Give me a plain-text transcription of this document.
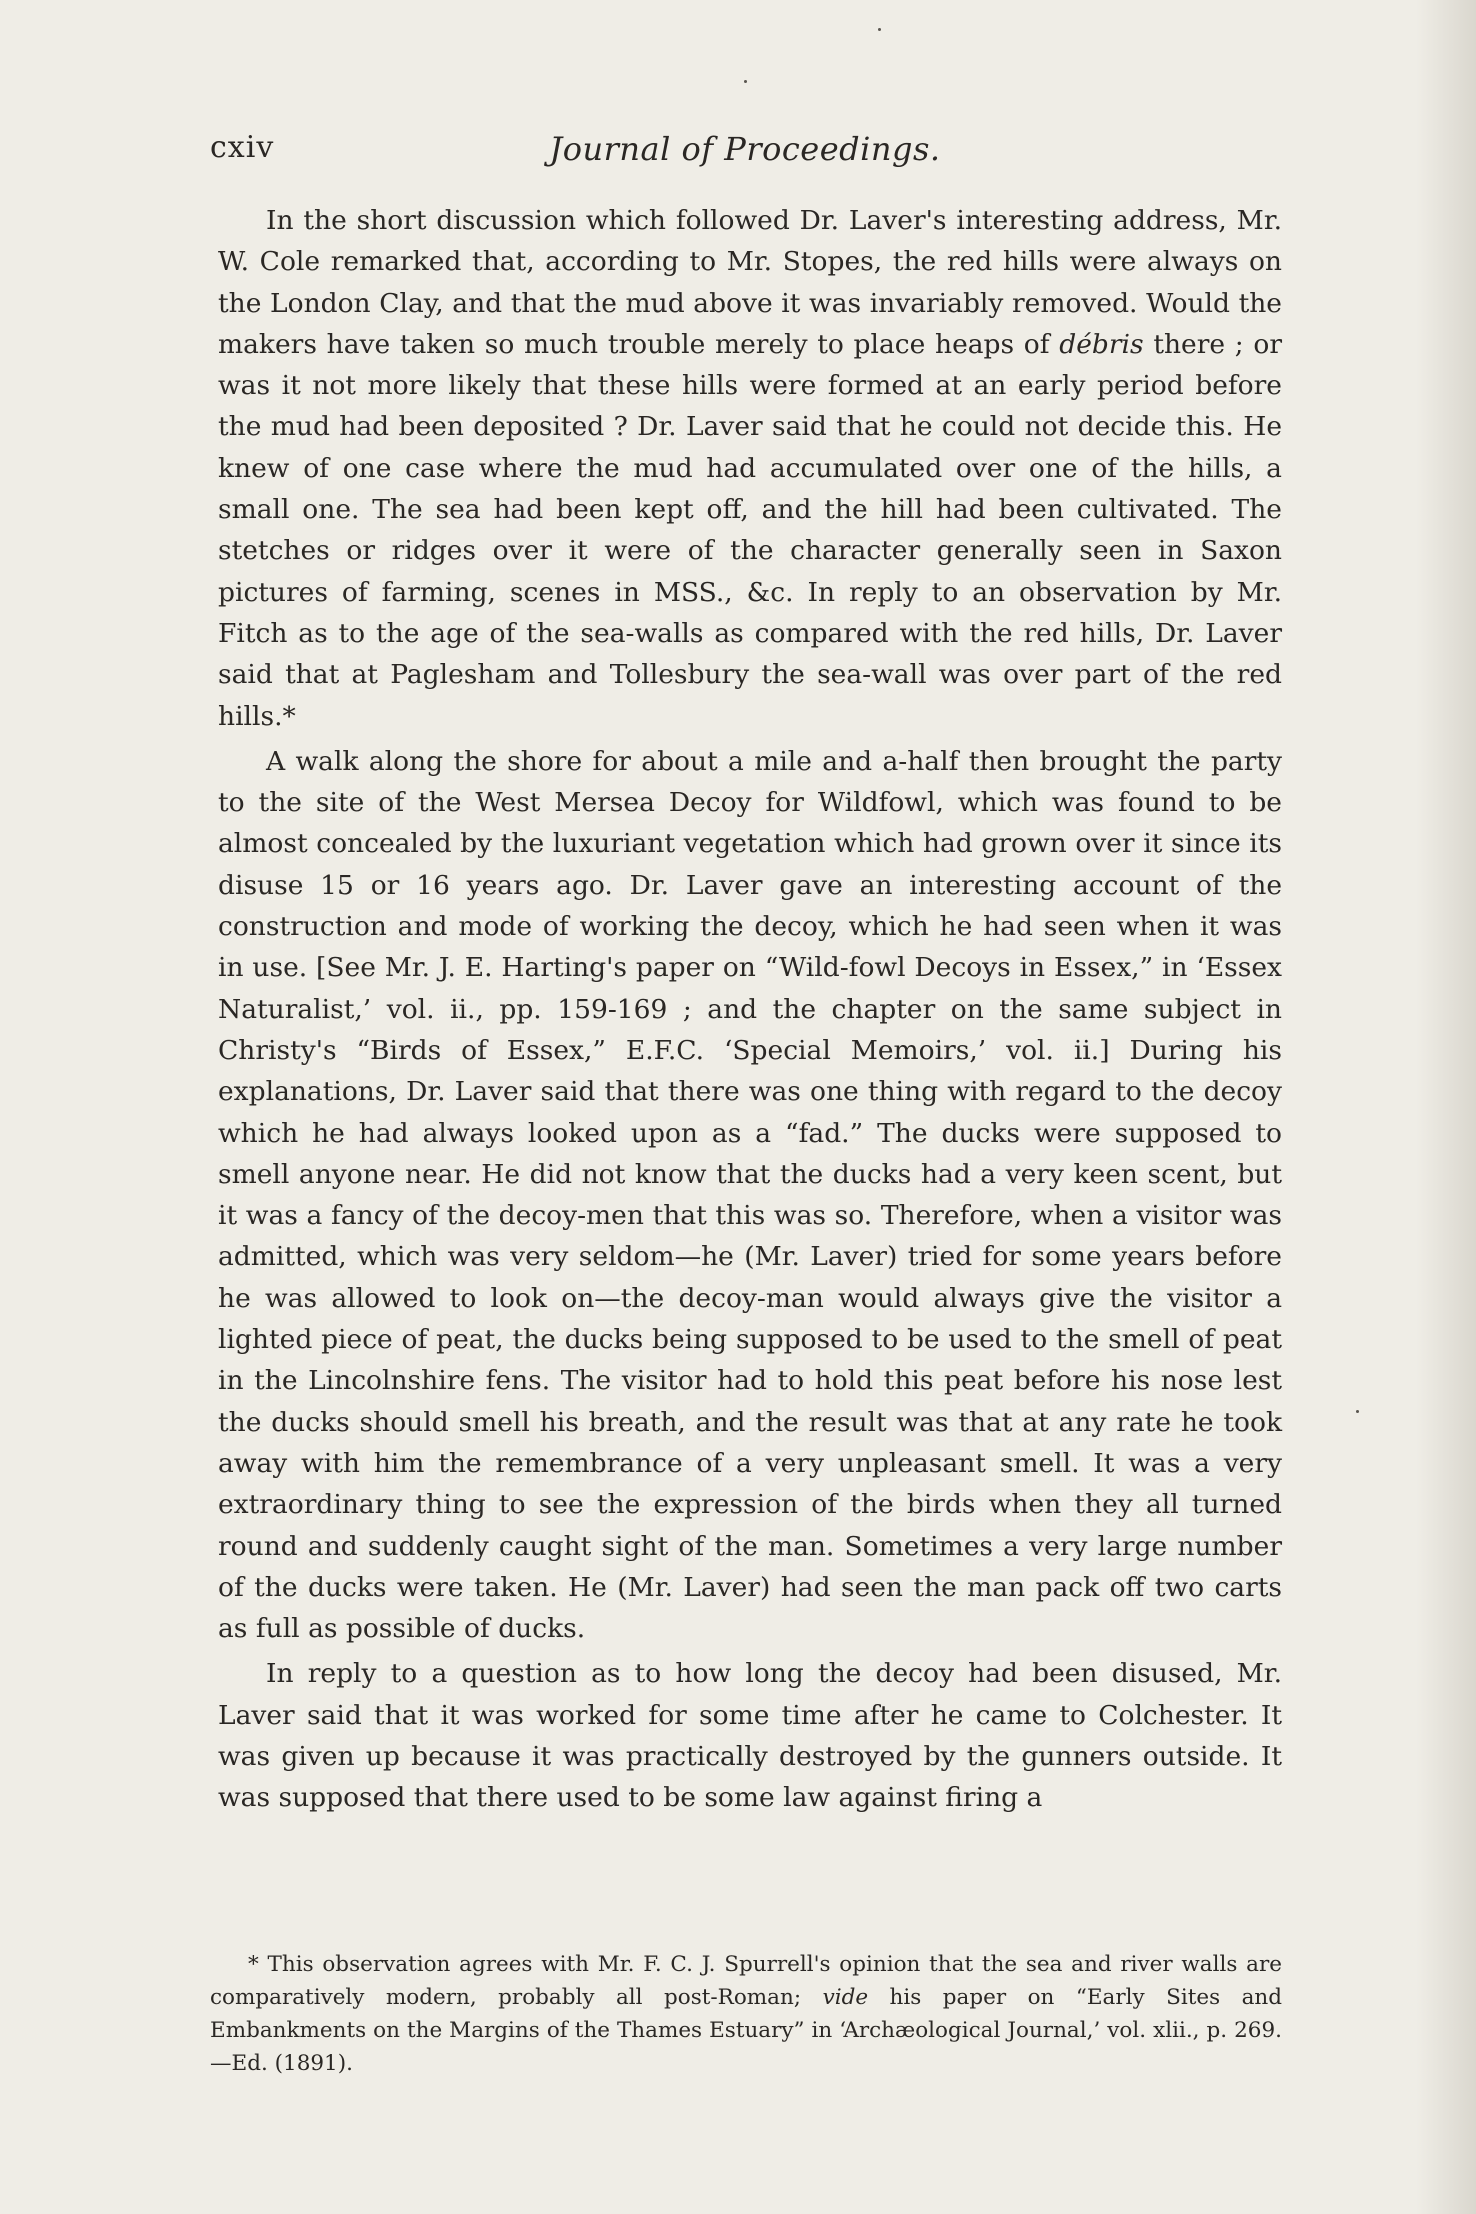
cxiv	Journal of Proceedings.

In the short discussion which followed Dr. Laver's interesting address, Mr. W. Cole remarked that, according to Mr. Stopes, the red hills were always on the London Clay, and that the mud above it was invariably removed. Would the makers have taken so much trouble merely to place heaps of débris there ; or was it not more likely that these hills were formed at an early period before the mud had been deposited ? Dr. Laver said that he could not decide this. He knew of one case where the mud had accumulated over one of the hills, a small one. The sea had been kept off, and the hill had been cultivated. The stetches or ridges over it were of the character generally seen in Saxon pictures of farming, scenes in MSS., &c. In reply to an observation by Mr. Fitch as to the age of the sea-walls as compared with the red hills, Dr. Laver said that at Paglesham and Tollesbury the sea-wall was over part of the red hills.*

A walk along the shore for about a mile and a-half then brought the party to the site of the West Mersea Decoy for Wildfowl, which was found to be almost concealed by the luxuriant vegetation which had grown over it since its disuse 15 or 16 years ago. Dr. Laver gave an interesting account of the construction and mode of working the decoy, which he had seen when it was in use. [See Mr. J. E. Harting's paper on “Wild-fowl Decoys in Essex,” in ‘Essex Naturalist,’ vol. ii., pp. 159-169 ; and the chapter on the same subject in Christy's “Birds of Essex,” E.F.C. ‘Special Memoirs,’ vol. ii.] During his explanations, Dr. Laver said that there was one thing with regard to the decoy which he had always looked upon as a “fad.” The ducks were supposed to smell anyone near. He did not know that the ducks had a very keen scent, but it was a fancy of the decoy-men that this was so. Therefore, when a visitor was admitted, which was very seldom—he (Mr. Laver) tried for some years before he was allowed to look on—the decoy-man would always give the visitor a lighted piece of peat, the ducks being supposed to be used to the smell of peat in the Lincolnshire fens. The visitor had to hold this peat before his nose lest the ducks should smell his breath, and the result was that at any rate he took away with him the remembrance of a very unpleasant smell. It was a very extraordinary thing to see the expression of the birds when they all turned round and suddenly caught sight of the man. Sometimes a very large number of the ducks were taken. He (Mr. Laver) had seen the man pack off two carts as full as possible of ducks.

In reply to a question as to how long the decoy had been disused, Mr. Laver said that it was worked for some time after he came to Colchester. It was given up because it was practically destroyed by the gunners outside. It was supposed that there used to be some law against firing a

* This observation agrees with Mr. F. C. J. Spurrell's opinion that the sea and river walls are comparatively modern, probably all post-Roman; vide his paper on “Early Sites and Embankments on the Margins of the Thames Estuary” in ‘Archæological Journal,’ vol. xlii., p. 269.—Ed. (1891).
